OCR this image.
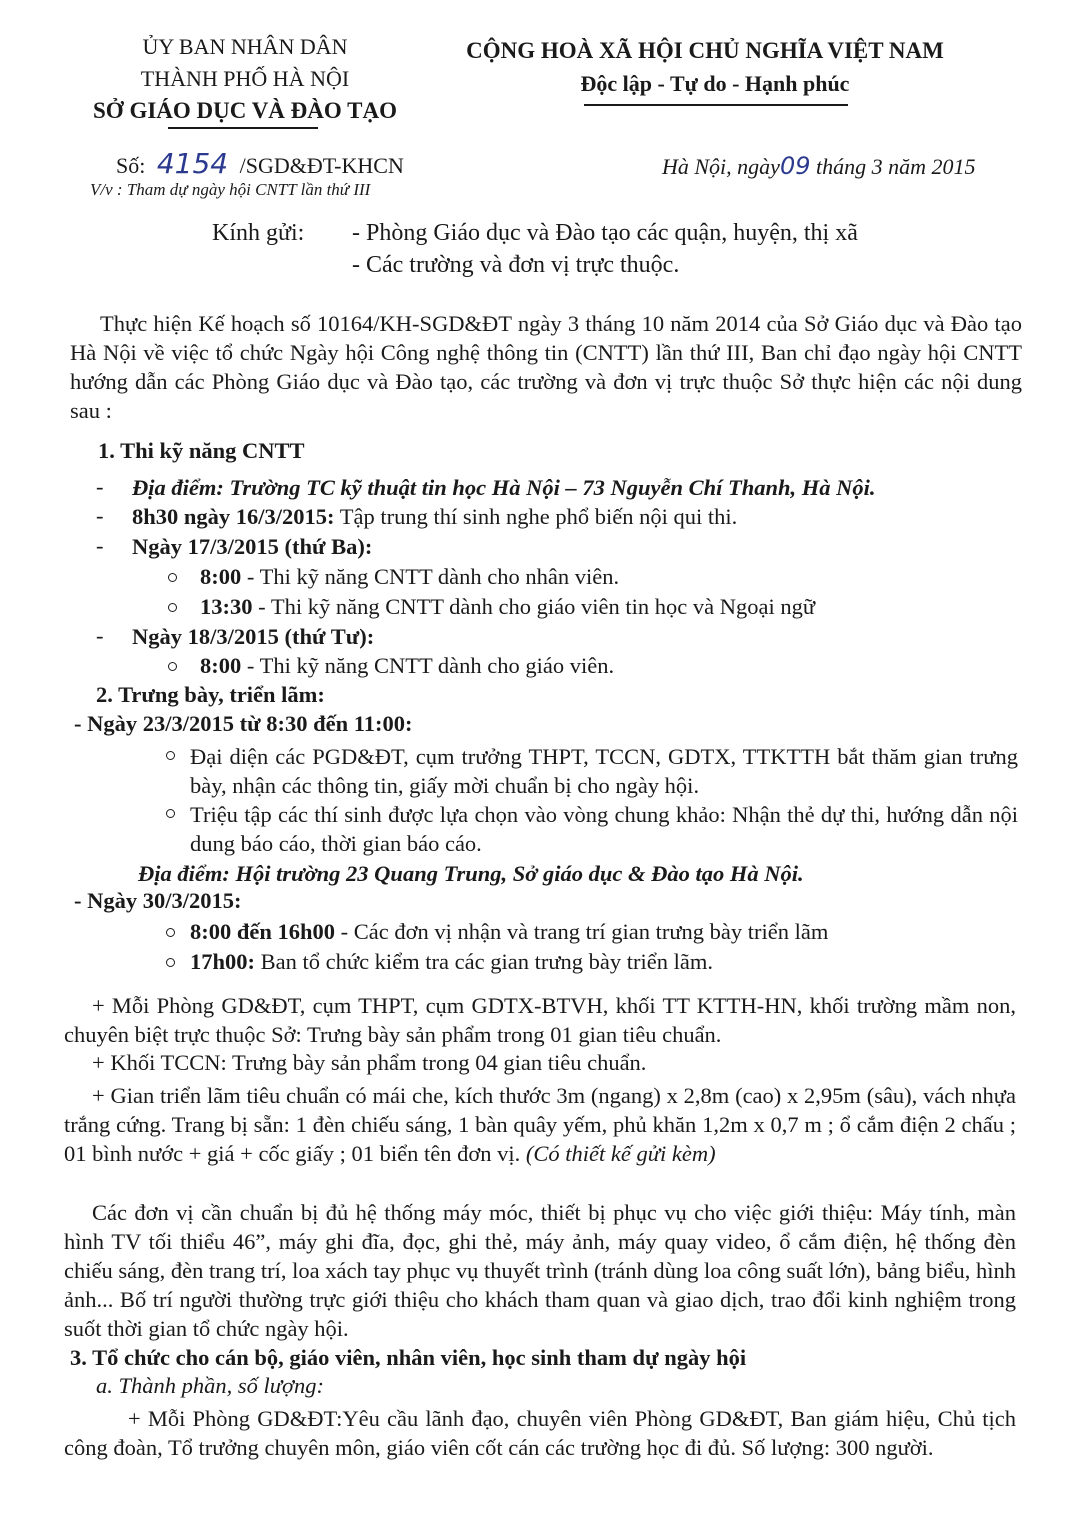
ỦY BAN NHÂN DÂN
THÀNH PHỐ HÀ NỘI
SỞ GIÁO DỤC VÀ ĐÀO TẠO
CỘNG HOÀ XÃ HỘI CHỦ NGHĨA VIỆT NAM
Độc lập - Tự do - Hạnh phúc
Số: 4154 /SGD&ĐT-KHCN
V/v : Tham dự ngày hội CNTT lần thứ III
Hà Nội, ngày09 tháng 3 năm 2015
Kính gửi: - Phòng Giáo dục và Đào tạo các quận, huyện, thị xã
- Các trường và đơn vị trực thuộc.
Thực hiện Kế hoạch số 10164/KH-SGD&ĐT ngày 3 tháng 10 năm 2014 của Sở Giáo dục và Đào tạo Hà Nội về việc tổ chức Ngày hội Công nghệ thông tin (CNTT) lần thứ III, Ban chỉ đạo ngày hội CNTT hướng dẫn các Phòng Giáo dục và Đào tạo, các trường và đơn vị trực thuộc Sở thực hiện các nội dung sau :
1. Thi kỹ năng CNTT
- Địa điểm: Trường TC kỹ thuật tin học Hà Nội – 73 Nguyễn Chí Thanh, Hà Nội.
- 8h30 ngày 16/3/2015: Tập trung thí sinh nghe phổ biến nội qui thi.
- Ngày 17/3/2015 (thứ Ba):
8:00 - Thi kỹ năng CNTT dành cho nhân viên.
13:30 - Thi kỹ năng CNTT dành cho giáo viên tin học và Ngoại ngữ
- Ngày 18/3/2015 (thứ Tư):
8:00 - Thi kỹ năng CNTT dành cho giáo viên.
2. Trưng bày, triển lãm:
- Ngày 23/3/2015 từ 8:30 đến 11:00:
Đại diện các PGD&ĐT, cụm trưởng THPT, TCCN, GDTX, TTKTTH bắt thăm gian trưng bày, nhận các thông tin, giấy mời chuẩn bị cho ngày hội.
Triệu tập các thí sinh được lựa chọn vào vòng chung khảo: Nhận thẻ dự thi, hướng dẫn nội dung báo cáo, thời gian báo cáo.
Địa điểm: Hội trường 23 Quang Trung, Sở giáo dục & Đào tạo Hà Nội.
- Ngày 30/3/2015:
8:00 đến 16h00 - Các đơn vị nhận và trang trí gian trưng bày triển lãm
17h00: Ban tổ chức kiểm tra các gian trưng bày triển lãm.
+ Mỗi Phòng GD&ĐT, cụm THPT, cụm GDTX-BTVH, khối TT KTTH-HN, khối trường mầm non, chuyên biệt trực thuộc Sở: Trưng bày sản phẩm trong 01 gian tiêu chuẩn.
+ Khối TCCN: Trưng bày sản phẩm trong 04 gian tiêu chuẩn.
+ Gian triển lãm tiêu chuẩn có mái che, kích thước 3m (ngang) x 2,8m (cao) x 2,95m (sâu), vách nhựa trắng cứng. Trang bị sẵn: 1 đèn chiếu sáng, 1 bàn quây yếm, phủ khăn 1,2m x 0,7 m ; ổ cắm điện 2 chấu ; 01 bình nước + giá + cốc giấy ; 01 biển tên đơn vị. (Có thiết kế gửi kèm)
Các đơn vị cần chuẩn bị đủ hệ thống máy móc, thiết bị phục vụ cho việc giới thiệu: Máy tính, màn hình TV tối thiểu 46”, máy ghi đĩa, đọc, ghi thẻ, máy ảnh, máy quay video, ổ cắm điện, hệ thống đèn chiếu sáng, đèn trang trí, loa xách tay phục vụ thuyết trình (tránh dùng loa công suất lớn), bảng biểu, hình ảnh... Bố trí người thường trực giới thiệu cho khách tham quan và giao dịch, trao đổi kinh nghiệm trong suốt thời gian tổ chức ngày hội.
3. Tổ chức cho cán bộ, giáo viên, nhân viên, học sinh tham dự ngày hội
a. Thành phần, số lượng:
+ Mỗi Phòng GD&ĐT:Yêu cầu lãnh đạo, chuyên viên Phòng GD&ĐT, Ban giám hiệu, Chủ tịch công đoàn, Tổ trưởng chuyên môn, giáo viên cốt cán các trường học đi đủ. Số lượng: 300 người.
